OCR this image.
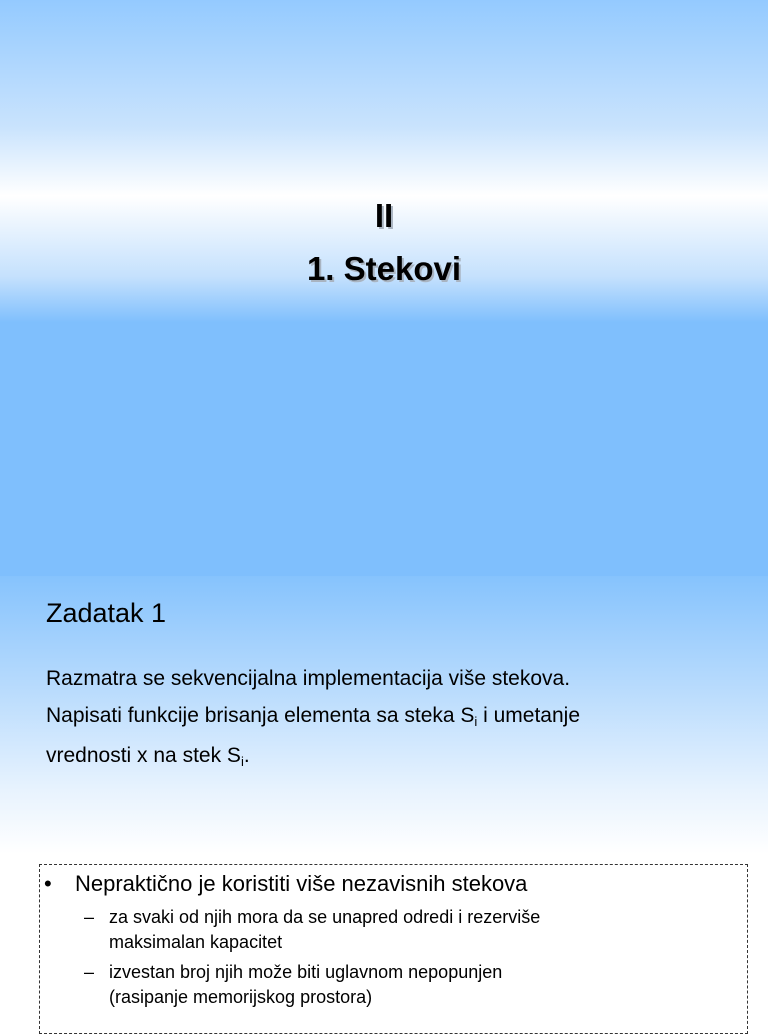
II
1. Stekovi
Zadatak 1
Razmatra se sekvencijalna implementacija više stekova.
Napisati funkcije brisanja elementa sa steka $S_i$ i umetanje
vrednosti x na stek $S_i$.
• Nepraktično je koristiti više nezavisnih stekova
– za svaki od njih mora da se unapred odredi i rezerviše
maksimalan kapacitet
– izvestan broj njih može biti uglavnom nepopunjen
(rasipanje memorijskog prostora)
